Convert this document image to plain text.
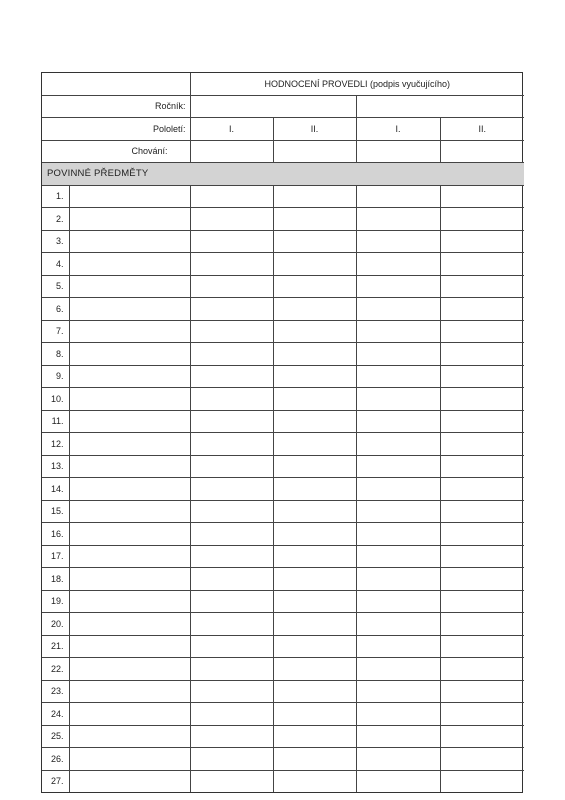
		HODNOCENÍ PROVEDLI (podpis vyučujícího)			
Ročník:					
Pololetí:		I.	II.	I.	II.
Chování:					
POVINNÉ PŘEDMĚTY					
1.					
2.					
3.					
4.					
5.					
6.					
7.					
8.					
9.					
10.					
11.					
12.					
13.					
14.					
15.					
16.					
17.					
18.					
19.					
20.					
21.					
22.					
23.					
24.					
25.					
26.					
27.					
